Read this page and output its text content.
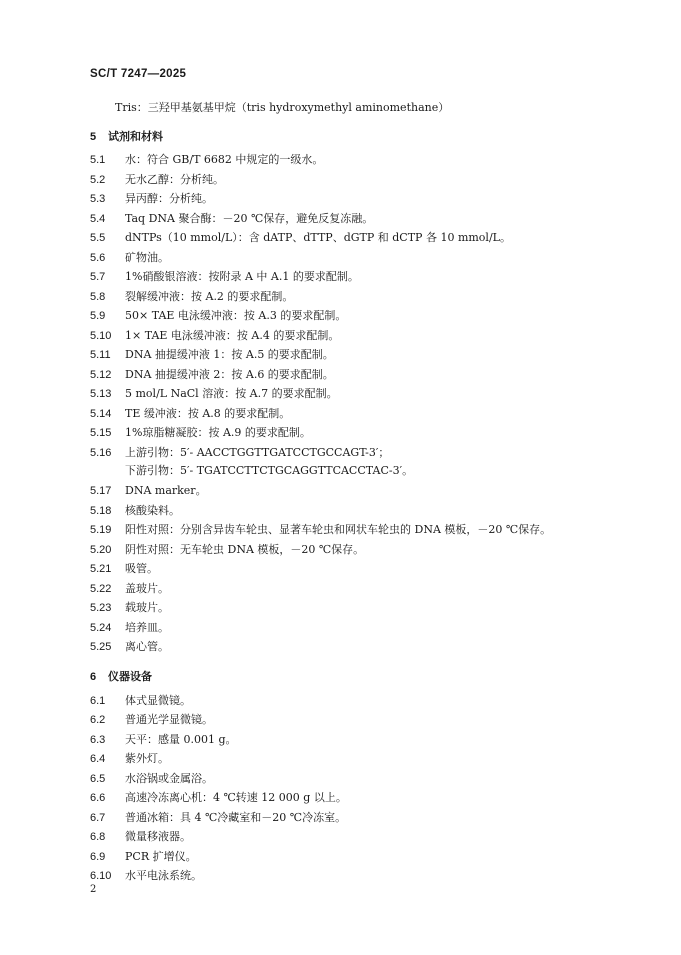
SC/T 7247—2025
Tris：三羟甲基氨基甲烷（tris hydroxymethyl aminomethane）
5 试剂和材料
5.1 水：符合 GB/T 6682 中规定的一级水。
5.2 无水乙醇：分析纯。
5.3 异丙醇：分析纯。
5.4 Taq DNA 聚合酶：－20 ℃保存，避免反复冻融。
5.5 dNTPs（10 mmol/L）：含 dATP、dTTP、dGTP 和 dCTP 各 10 mmol/L。
5.6 矿物油。
5.7 1%硝酸银溶液：按附录 A 中 A.1 的要求配制。
5.8 裂解缓冲液：按 A.2 的要求配制。
5.9 50× TAE 电泳缓冲液：按 A.3 的要求配制。
5.10 1× TAE 电泳缓冲液：按 A.4 的要求配制。
5.11 DNA 抽提缓冲液 1：按 A.5 的要求配制。
5.12 DNA 抽提缓冲液 2：按 A.6 的要求配制。
5.13 5 mol/L NaCl 溶液：按 A.7 的要求配制。
5.14 TE 缓冲液：按 A.8 的要求配制。
5.15 1%琼脂糖凝胶：按 A.9 的要求配制。
5.16 上游引物：5′- AACCTGGTTGATCCTGCCAGT-3′；
下游引物：5′- TGATCCTTCTGCAGGTTCACCTAC-3′。
5.17 DNA marker。
5.18 核酸染料。
5.19 阳性对照：分别含异齿车轮虫、显著车轮虫和网状车轮虫的 DNA 模板，－20 ℃保存。
5.20 阴性对照：无车轮虫 DNA 模板，－20 ℃保存。
5.21 吸管。
5.22 盖玻片。
5.23 载玻片。
5.24 培养皿。
5.25 离心管。
6 仪器设备
6.1 体式显微镜。
6.2 普通光学显微镜。
6.3 天平：感量 0.001 g。
6.4 紫外灯。
6.5 水浴锅或金属浴。
6.6 高速冷冻离心机：4 ℃转速 12 000 g 以上。
6.7 普通冰箱：具 4 ℃冷藏室和－20 ℃冷冻室。
6.8 微量移液器。
6.9 PCR 扩增仪。
6.10 水平电泳系统。
2
